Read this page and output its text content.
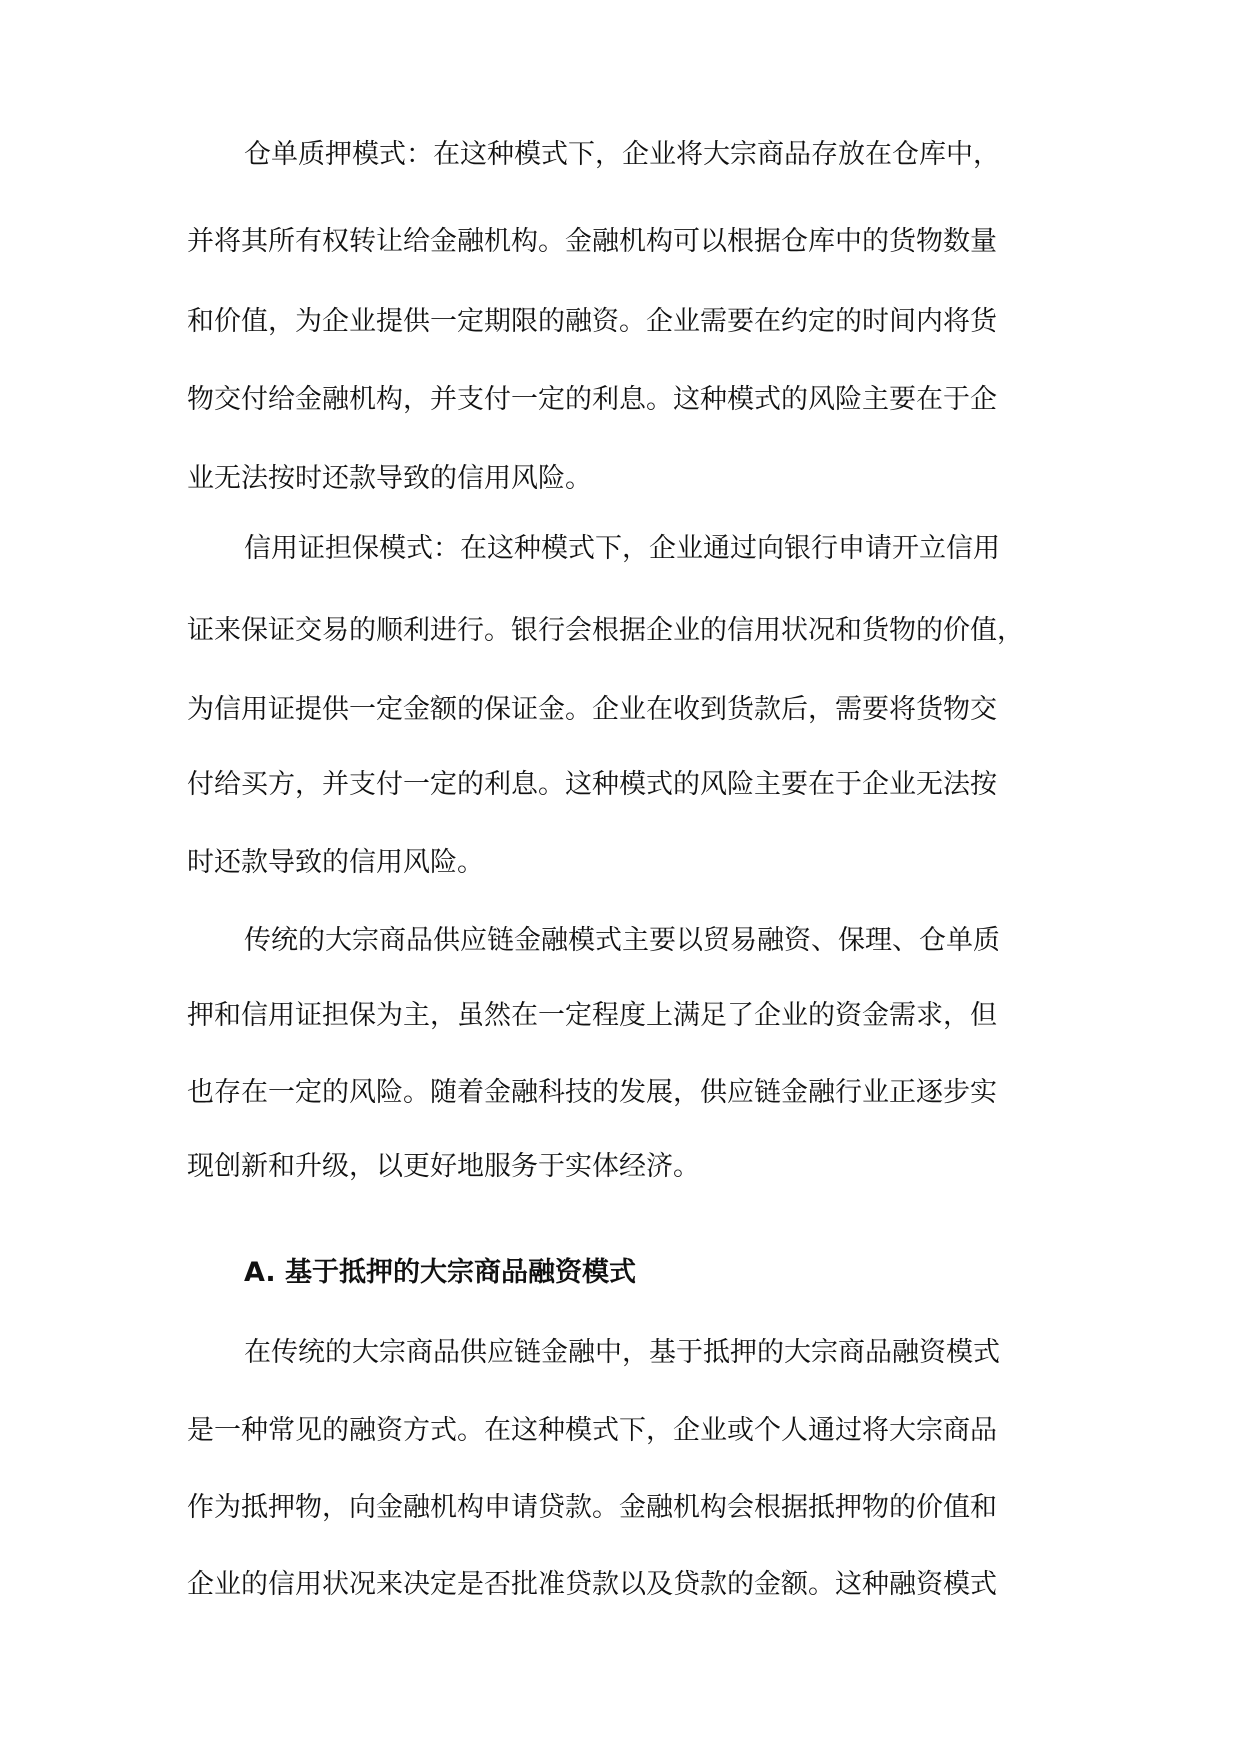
仓单质押模式：在这种模式下，企业将大宗商品存放在仓库中，

并将其所有权转让给金融机构。金融机构可以根据仓库中的货物数量

和价值，为企业提供一定期限的融资。企业需要在约定的时间内将货

物交付给金融机构，并支付一定的利息。这种模式的风险主要在于企

业无法按时还款导致的信用风险。

信用证担保模式：在这种模式下，企业通过向银行申请开立信用

证来保证交易的顺利进行。银行会根据企业的信用状况和货物的价值，

为信用证提供一定金额的保证金。企业在收到货款后，需要将货物交

付给买方，并支付一定的利息。这种模式的风险主要在于企业无法按

时还款导致的信用风险。

传统的大宗商品供应链金融模式主要以贸易融资、保理、仓单质

押和信用证担保为主，虽然在一定程度上满足了企业的资金需求，但

也存在一定的风险。随着金融科技的发展，供应链金融行业正逐步实

现创新和升级，以更好地服务于实体经济。

A. 基于抵押的大宗商品融资模式

在传统的大宗商品供应链金融中，基于抵押的大宗商品融资模式

是一种常见的融资方式。在这种模式下，企业或个人通过将大宗商品

作为抵押物，向金融机构申请贷款。金融机构会根据抵押物的价值和

企业的信用状况来决定是否批准贷款以及贷款的金额。这种融资模式
